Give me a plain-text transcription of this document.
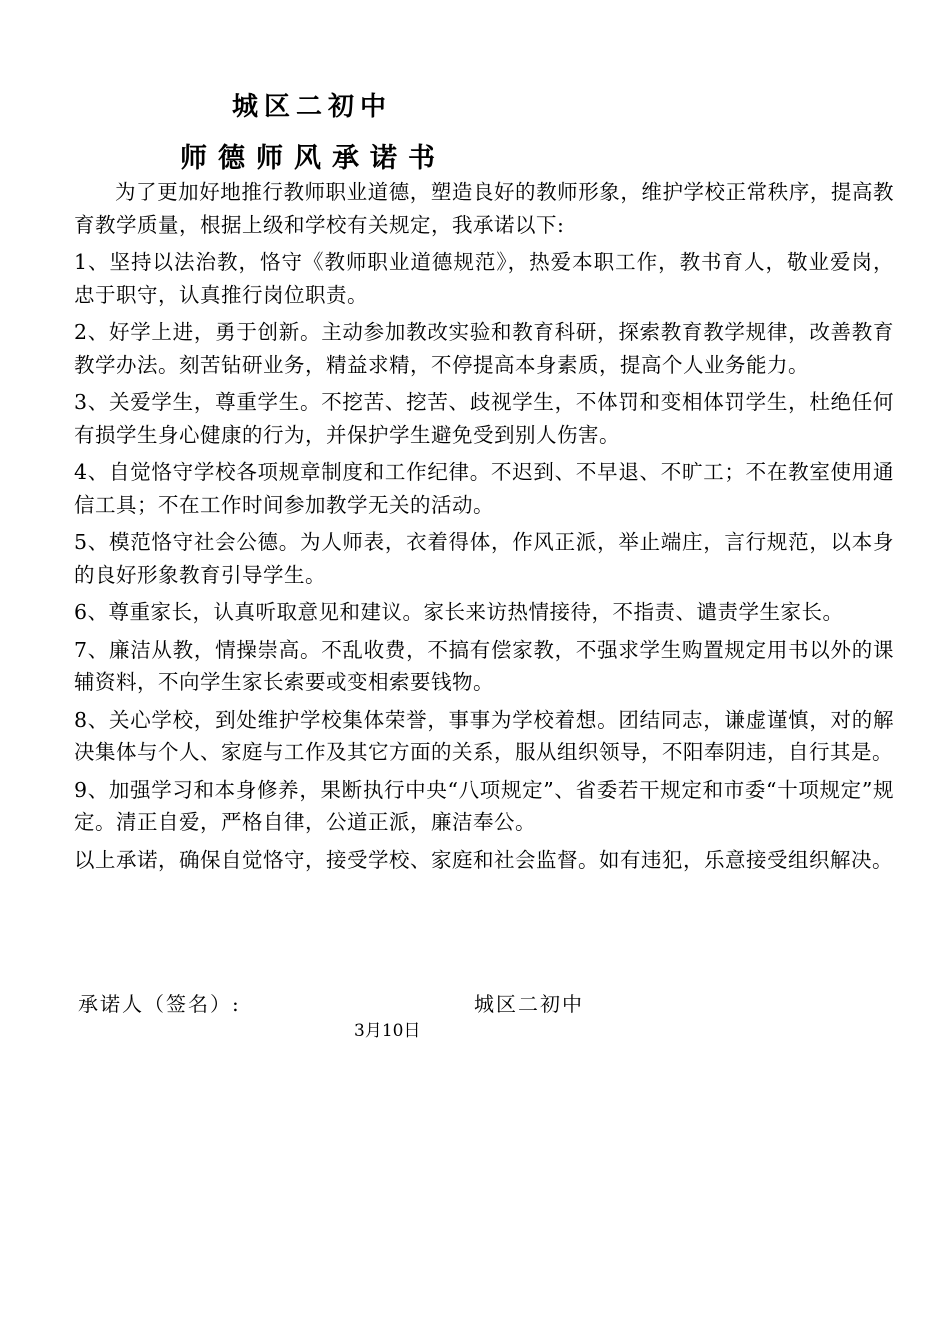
城区二初中
师德师风承诺书

为了更加好地推行教师职业道德，塑造良好的教师形象，维护学校正常秩序，提高教育教学质量，根据上级和学校有关规定，我承诺以下:

1、坚持以法治教，恪守《教师职业道德规范》，热爱本职工作，教书育人，敬业爱岗，忠于职守，认真推行岗位职责。

2、好学上进，勇于创新。主动参加教改实验和教育科研，探索教育教学规律，改善教育教学办法。刻苦钻研业务，精益求精，不停提高本身素质，提高个人业务能力。

3、关爱学生，尊重学生。不挖苦、挖苦、歧视学生，不体罚和变相体罚学生，杜绝任何有损学生身心健康的行为，并保护学生避免受到别人伤害。

4、自觉恪守学校各项规章制度和工作纪律。不迟到、不早退、不旷工；不在教室使用通信工具；不在工作时间参加教学无关的活动。

5、模范恪守社会公德。为人师表，衣着得体，作风正派，举止端庄，言行规范，以本身的良好形象教育引导学生。

6、尊重家长，认真听取意见和建议。家长来访热情接待，不指责、谴责学生家长。

7、廉洁从教，情操崇高。不乱收费，不搞有偿家教，不强求学生购置规定用书以外的课辅资料，不向学生家长索要或变相索要钱物。

8、关心学校，到处维护学校集体荣誉，事事为学校着想。团结同志，谦虚谨慎，对的解决集体与个人、家庭与工作及其它方面的关系，服从组织领导，不阳奉阴违，自行其是。

9、加强学习和本身修养，果断执行中央“八项规定”、省委若干规定和市委“十项规定”规定。清正自爱，严格自律，公道正派，廉洁奉公。

以上承诺，确保自觉恪守，接受学校、家庭和社会监督。如有违犯，乐意接受组织解决。

承诺人（签名）:	城区二初中
3月10日
